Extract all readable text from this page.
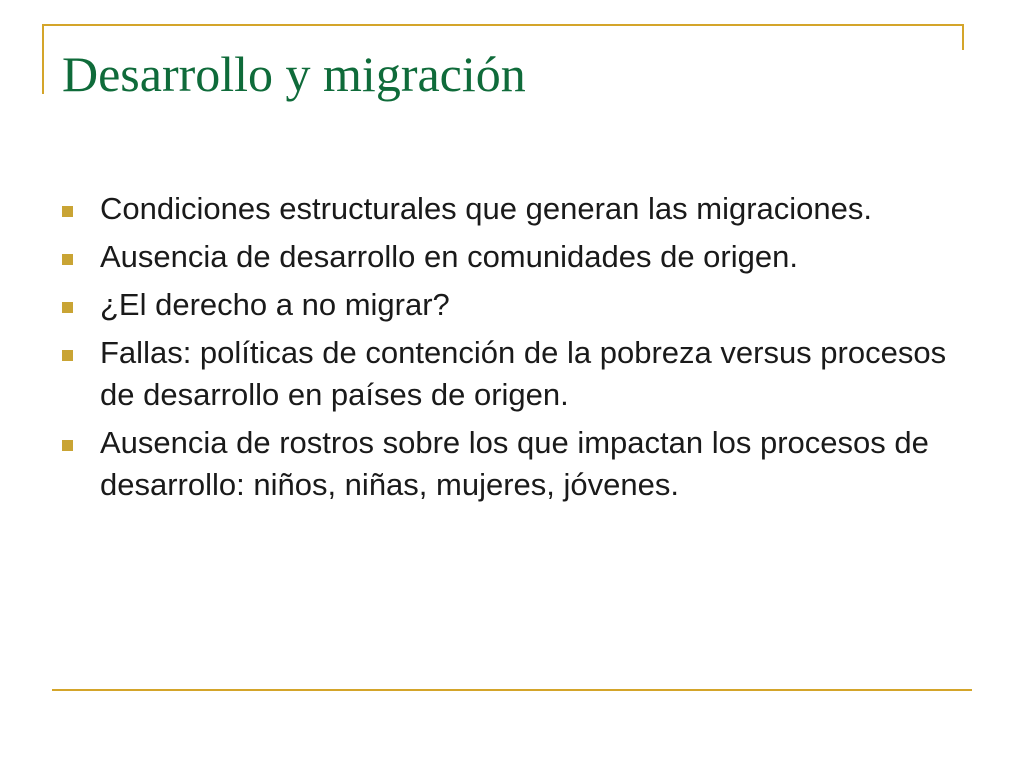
Desarrollo y migración
Condiciones estructurales que generan las migraciones.
Ausencia de desarrollo en comunidades de origen.
¿El derecho a no migrar?
Fallas: políticas de contención de la pobreza versus procesos de desarrollo en países de origen.
Ausencia de rostros sobre los que impactan los procesos de desarrollo: niños, niñas, mujeres, jóvenes.
